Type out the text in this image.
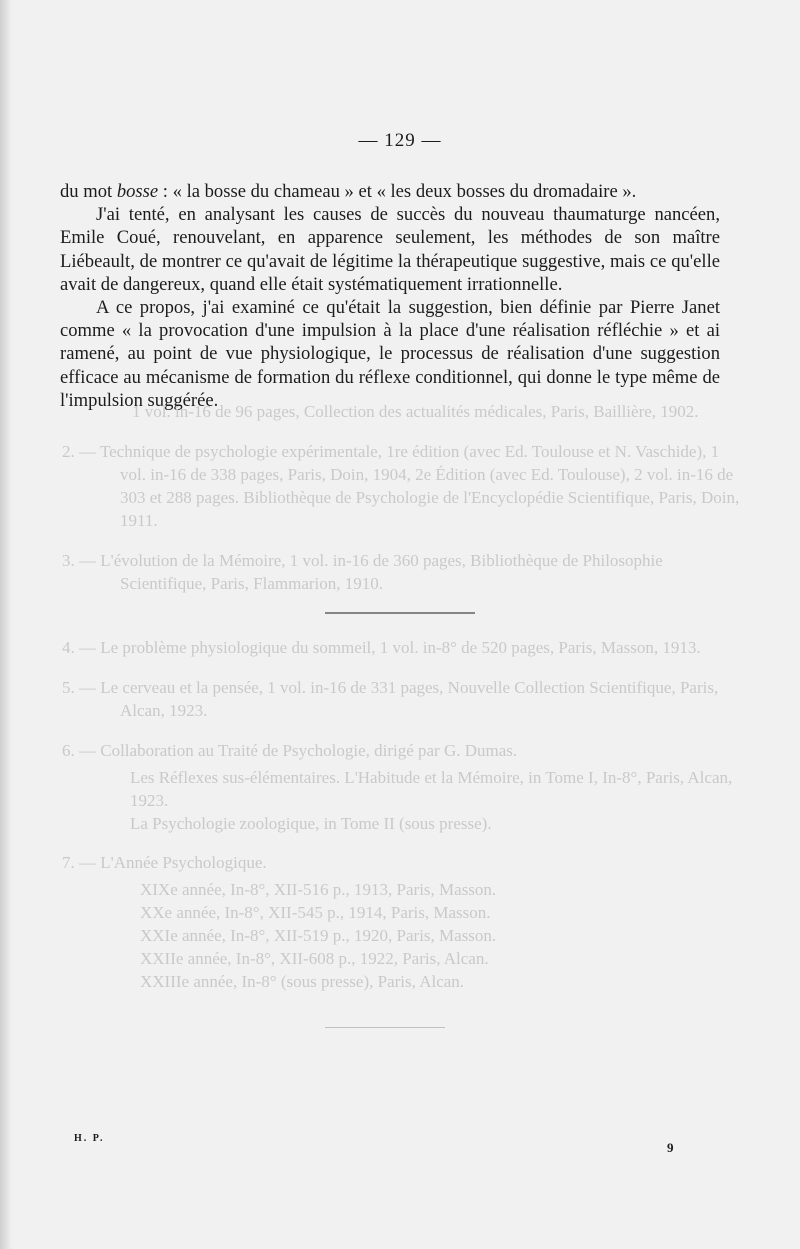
— 129 —

du mot bosse : « la bosse du chameau » et « les deux bosses du dromadaire ».

J'ai tenté, en analysant les causes de succès du nouveau thaumaturge nancéen, Emile Coué, renouvelant, en apparence seulement, les méthodes de son maître Liébeault, de montrer ce qu'avait de légitime la thérapeutique suggestive, mais ce qu'elle avait de dangereux, quand elle était systématiquement irrationnelle.

A ce propos, j'ai examiné ce qu'était la suggestion, bien définie par Pierre Janet comme « la provocation d'une impulsion à la place d'une réalisation réfléchie » et ai ramené, au point de vue physiologique, le processus de réalisation d'une suggestion efficace au mécanisme de formation du réflexe conditionnel, qui donne le type même de l'impulsion suggérée.

1 vol. in-16 de 96 pages, Collection des actualités médicales, Paris, Baillière, 1902.
2. — Technique de psychologie expérimentale, 1re édition (avec Ed. Toulouse et N. Vaschide), 1 vol. in-16 de 338 pages, Paris, Doin, 1904, 2e Édition (avec Ed. Toulouse), 2 vol. in-16 de 303 et 288 pages. Bibliothèque de Psychologie de l'Encyclopédie Scientifique, Paris, Doin, 1911.
3. — L'évolution de la Mémoire, 1 vol. in-16 de 360 pages, Bibliothèque de Philosophie Scientifique, Paris, Flammarion, 1910.
4. — Le problème physiologique du sommeil, 1 vol. in-8° de 520 pages, Paris, Masson, 1913.
5. — Le cerveau et la pensée, 1 vol. in-16 de 331 pages, Nouvelle Collection Scientifique, Paris, Alcan, 1923.
6. — Collaboration au Traité de Psychologie, dirigé par G. Dumas.
Les Réflexes sus-élémentaires. L'Habitude et la Mémoire, in Tome I, In-8°, Paris, Alcan, 1923.
La Psychologie zoologique, in Tome II (sous presse).
7. — L'Année Psychologique.
XIXe année, In-8°, XII-516 p., 1913, Paris, Masson.
XXe année, In-8°, XII-545 p., 1914, Paris, Masson.
XXIe année, In-8°, XII-519 p., 1920, Paris, Masson.
XXIIe année, In-8°, XII-608 p., 1922, Paris, Alcan.
XXIIIe année, In-8° (sous presse), Paris, Alcan.
H. P.
9
